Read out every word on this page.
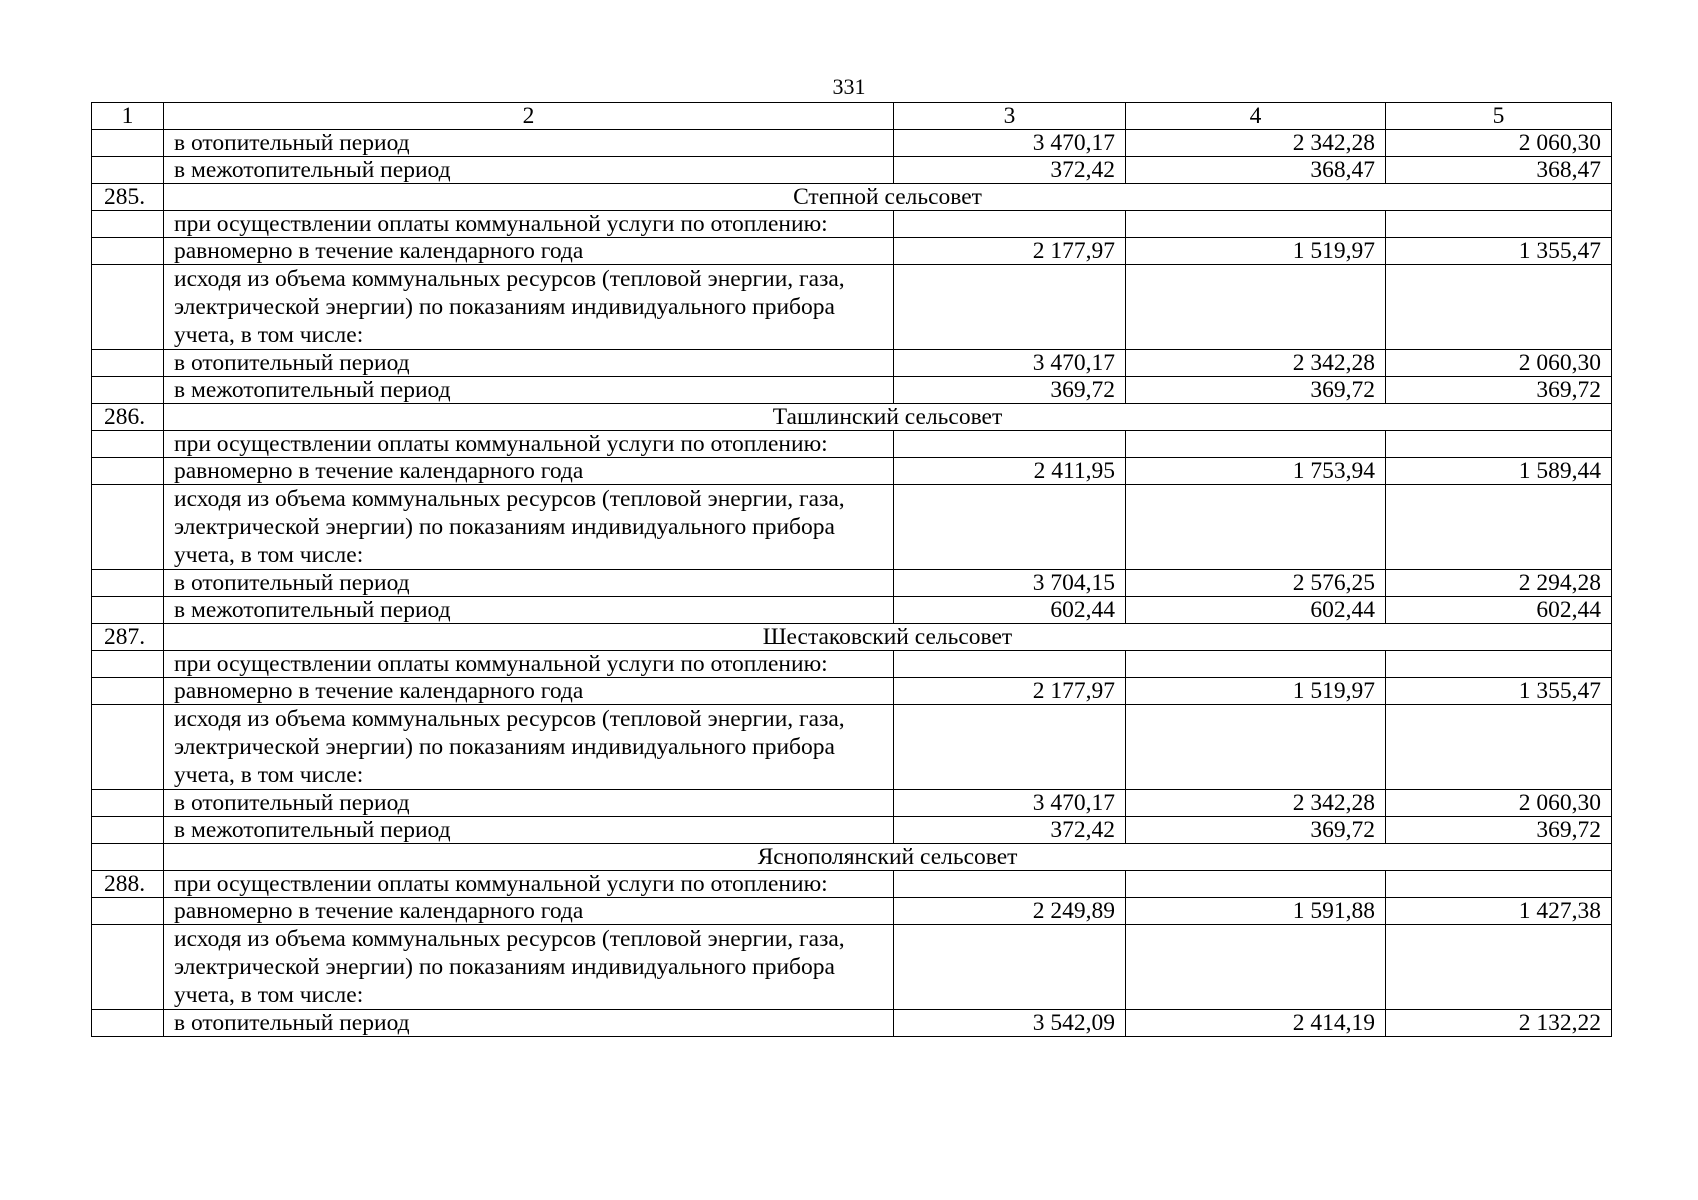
331
1	2	3	4	5
	в отопительный период	3 470,17	2 342,28	2 060,30
	в межотопительный период	372,42	368,47	368,47
285.	Степной сельсовет			
	при осуществлении оплаты коммунальной услуги по отоплению:			
	равномерно в течение календарного года	2 177,97	1 519,97	1 355,47
	исходя из объема коммунальных ресурсов (тепловой энергии, газа, электрической энергии) по показаниям индивидуального прибора учета, в том числе:			
	в отопительный период	3 470,17	2 342,28	2 060,30
	в межотопительный период	369,72	369,72	369,72
286.	Ташлинский сельсовет			
	при осуществлении оплаты коммунальной услуги по отоплению:			
	равномерно в течение календарного года	2 411,95	1 753,94	1 589,44
	исходя из объема коммунальных ресурсов (тепловой энергии, газа, электрической энергии) по показаниям индивидуального прибора учета, в том числе:			
	в отопительный период	3 704,15	2 576,25	2 294,28
	в межотопительный период	602,44	602,44	602,44
287.	Шестаковский сельсовет			
	при осуществлении оплаты коммунальной услуги по отоплению:			
	равномерно в течение календарного года	2 177,97	1 519,97	1 355,47
	исходя из объема коммунальных ресурсов (тепловой энергии, газа, электрической энергии) по показаниям индивидуального прибора учета, в том числе:			
	в отопительный период	3 470,17	2 342,28	2 060,30
	в межотопительный период	372,42	369,72	369,72
	Яснополянский сельсовет			
288.	при осуществлении оплаты коммунальной услуги по отоплению:			
	равномерно в течение календарного года	2 249,89	1 591,88	1 427,38
	исходя из объема коммунальных ресурсов (тепловой энергии, газа, электрической энергии) по показаниям индивидуального прибора учета, в том числе:			
	в отопительный период	3 542,09	2 414,19	2 132,22
